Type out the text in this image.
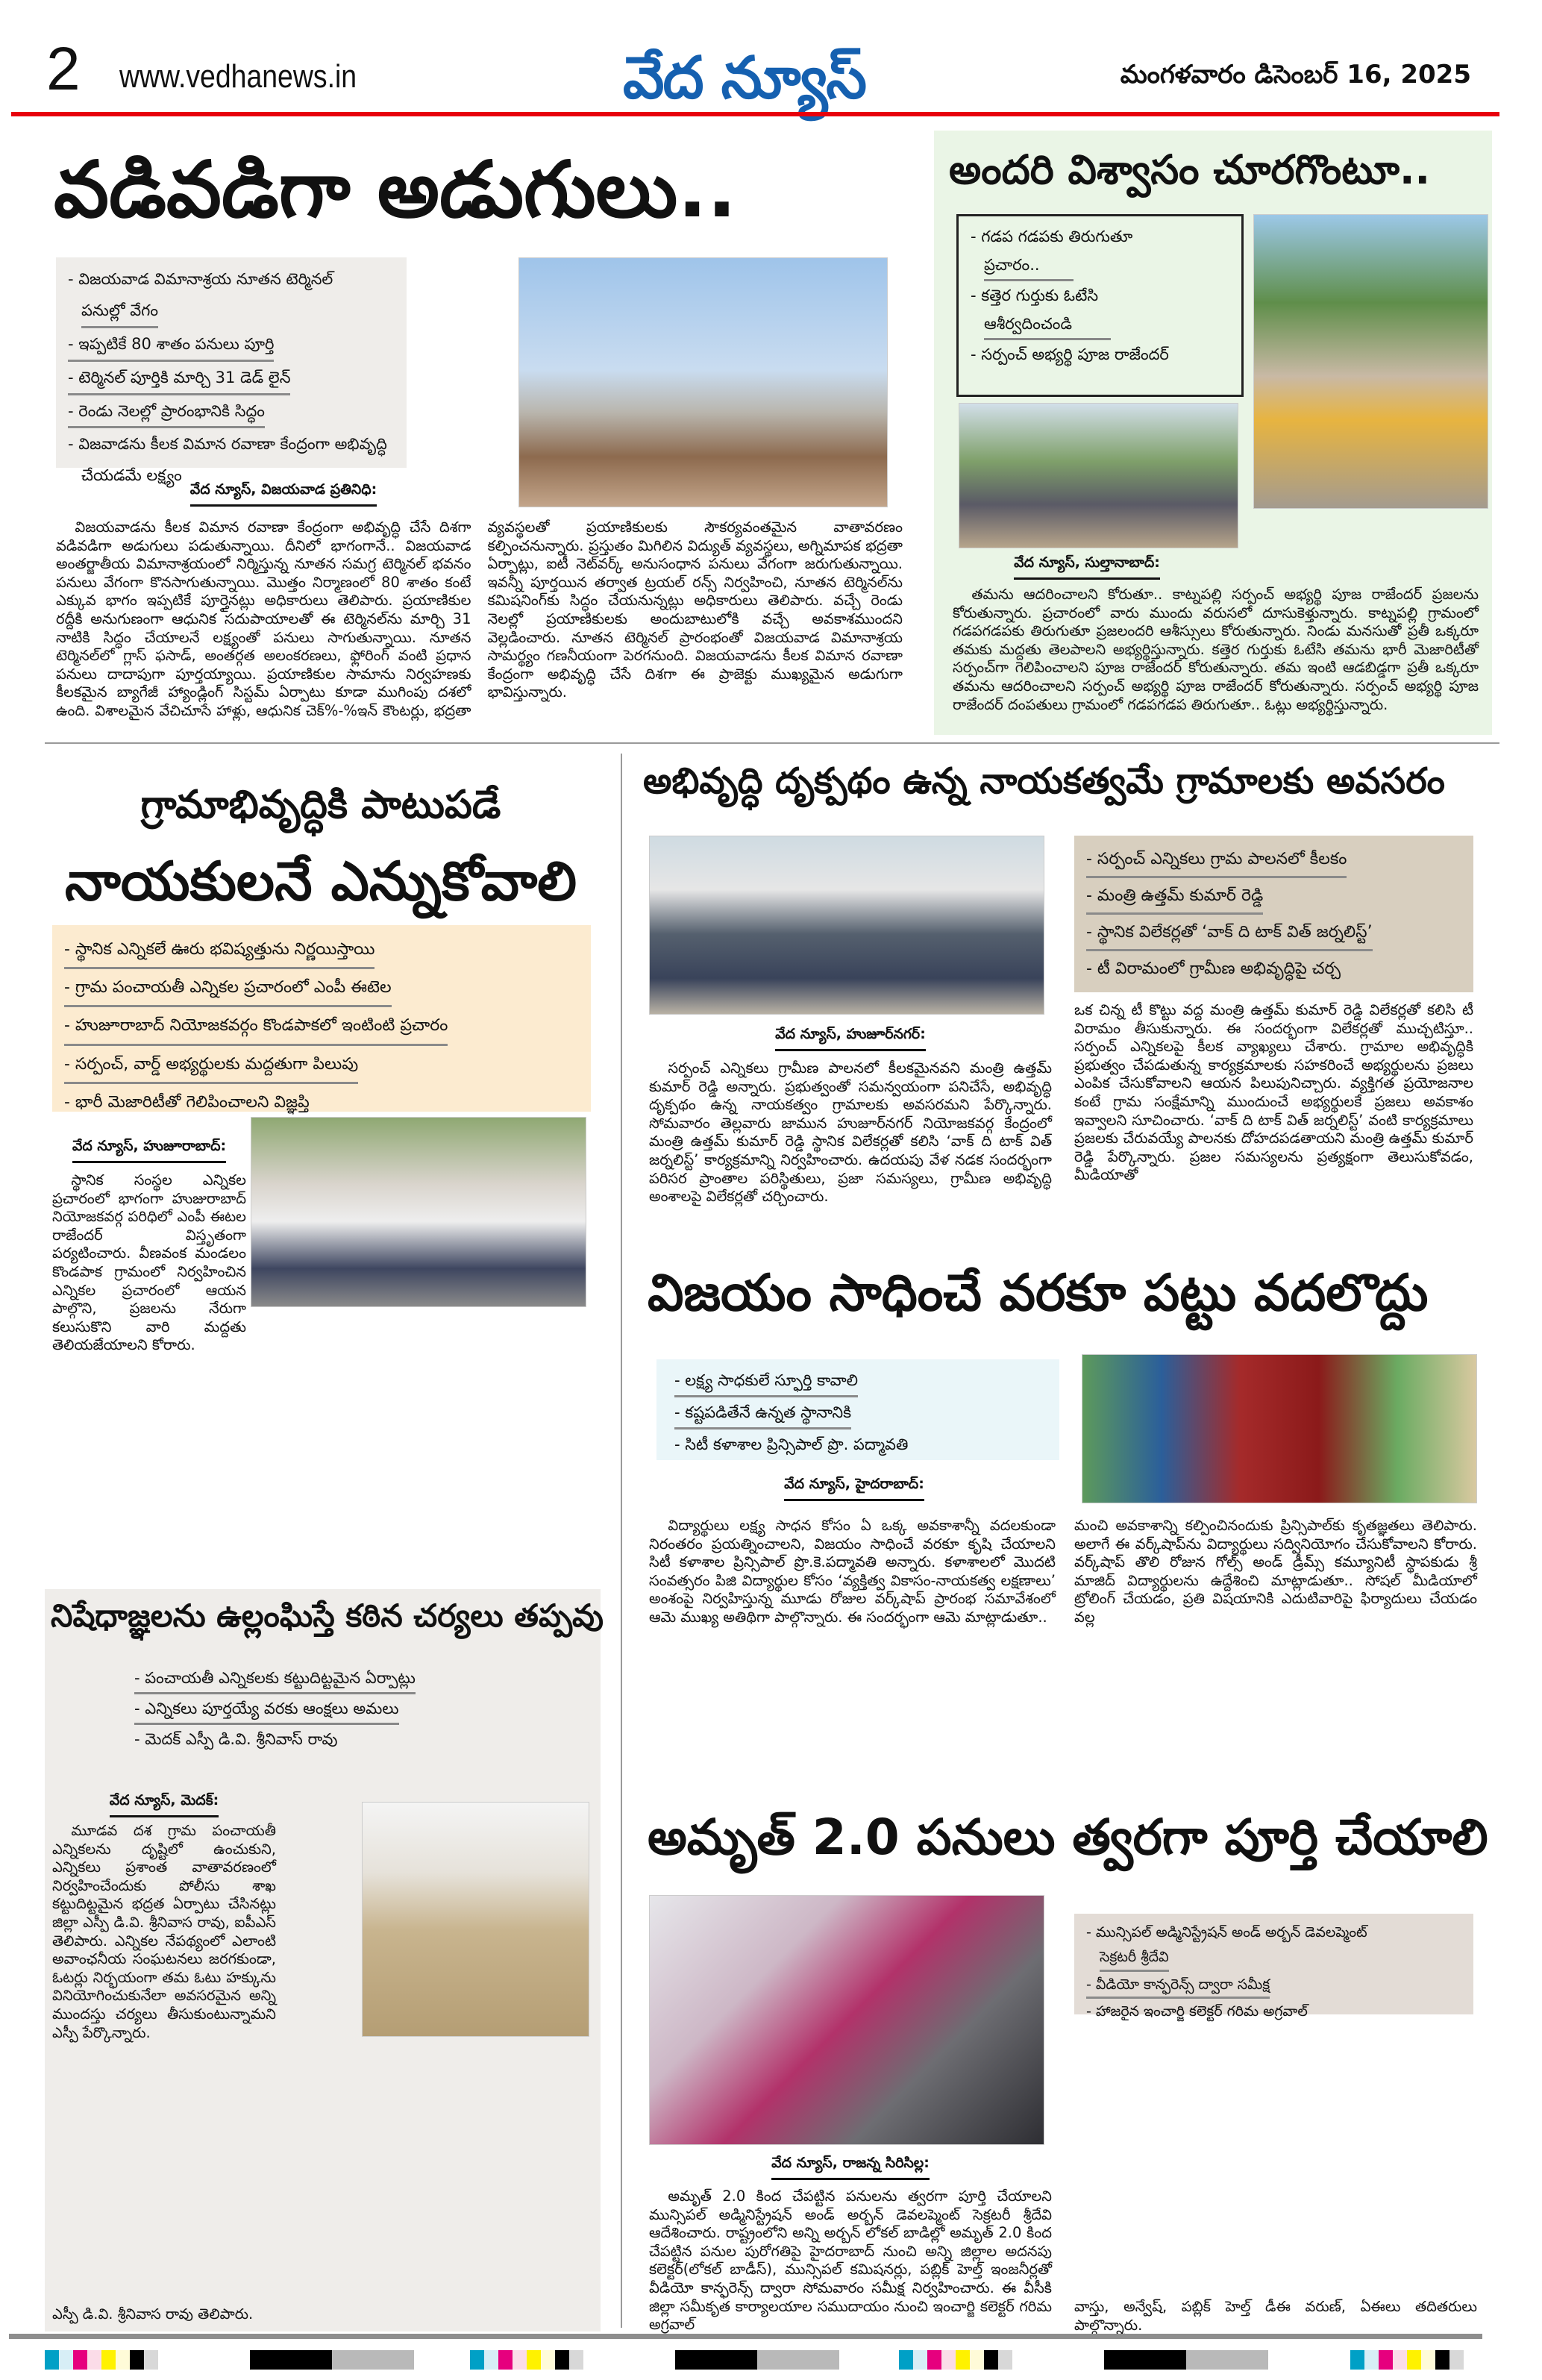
2 www.vedhanews.in	వేద న్యూస్	మంగళవారం డిసెంబర్ 16, 2025
వడివడిగా అడుగులు..
- విజయవాడ విమానాశ్రయ నూతన టెర్మినల్
పనుల్లో వేగం
- ఇప్పటికే 80 శాతం పనులు పూర్తి
- టెర్మినల్ పూర్తికి మార్చి 31 డెడ్ లైన్
- రెండు నెలల్లో ప్రారంభానికి సిద్ధం
- విజవాడను కీలక విమాన రవాణా కేంద్రంగా అభివృద్ధి
చేయడమే లక్ష్యం
వేద న్యూస్, విజయవాడ ప్రతినిధి:

విజయవాడను కీలక విమాన రవాణా కేంద్రంగా అభివృద్ధి చేసే దిశగా వడివడిగా అడుగులు పడుతున్నాయి. దీనిలో భాగంగానే.. విజయవాడ అంతర్జాతీయ విమానాశ్రయంలో నిర్మిస్తున్న నూతన సమగ్ర టెర్మినల్ భవనం పనులు వేగంగా కొనసాగుతున్నాయి. మొత్తం నిర్మాణంలో 80 శాతం కంటే ఎక్కువ భాగం ఇప్పటికే పూర్తైనట్లు అధికారులు తెలిపారు. ప్రయాణికుల రద్దీకి అనుగుణంగా ఆధునిక సదుపాయాలతో ఈ టెర్మినల్‌ను మార్చి 31 నాటికి సిద్ధం చేయాలనే లక్ష్యంతో పనులు సాగుతున్నాయి. నూతన టెర్మినల్‌లో గ్లాస్ ఫసాడ్, అంతర్గత అలంకరణలు, ఫ్లోరింగ్ వంటి ప్రధాన పనులు దాదాపుగా పూర్తయ్యాయి. ప్రయాణికుల సామాను నిర్వహణకు కీలకమైన బ్యాగేజీ హ్యాండ్లింగ్ సిస్టమ్ ఏర్పాటు కూడా ముగింపు దశలో ఉంది. విశాలమైన వేచిచూసే హాళ్లు, ఆధునిక చెక్%-%ఇన్ కౌంటర్లు, భద్రతా వ్యవస్థలతో ప్రయాణికులకు సౌకర్యవంతమైన వాతావరణం కల్పించనున్నారు. ప్రస్తుతం మిగిలిన విద్యుత్ వ్యవస్థలు, అగ్నిమాపక భద్రతా ఏర్పాట్లు, ఐటీ నెట్‌వర్క్ అనుసంధాన పనులు వేగంగా జరుగుతున్నాయి. ఇవన్నీ పూర్తయిన తర్వాత ట్రయల్ రన్స్ నిర్వహించి, నూతన టెర్మినల్‌ను కమిషనింగ్‌కు సిద్ధం చేయనున్నట్లు అధికారులు తెలిపారు. వచ్చే రెండు నెలల్లో ప్రయాణికులకు అందుబాటులోకి వచ్చే అవకాశముందని వెల్లడించారు. నూతన టెర్మినల్ ప్రారంభంతో విజయవాడ విమానాశ్రయ సామర్థ్యం గణనీయంగా పెరగనుంది. విజయవాడను కీలక విమాన రవాణా కేంద్రంగా అభివృద్ధి చేసే దిశగా ఈ ప్రాజెక్టు ముఖ్యమైన అడుగుగా భావిస్తున్నారు.

అందరి విశ్వాసం చూరగొంటూ..
- గడప గడపకు తిరుగుతూ
ప్రచారం..
- కత్తెర గుర్తుకు ఓటేసి
ఆశీర్వదించండి
- సర్పంచ్ అభ్యర్థి పూజ రాజేందర్
వేద న్యూస్, సుల్తానాబాద్:

తమను ఆదరించాలని కోరుతూ.. కాట్నపల్లి సర్పంచ్ అభ్యర్థి పూజ రాజేందర్ ప్రజలను కోరుతున్నారు. ప్రచారంలో వారు ముందు వరుసలో దూసుకెళ్తున్నారు. కాట్నపల్లి గ్రామంలో గడపగడపకు తిరుగుతూ ప్రజలందరి ఆశీస్సులు కోరుతున్నారు. నిండు మనసుతో ప్రతీ ఒక్కరూ తమకు మద్దతు తెలపాలని అభ్యర్థిస్తున్నారు. కత్తెర గుర్తుకు ఓటేసి తమను భారీ మెజారిటీతో సర్పంచ్‌గా గెలిపించాలని పూజ రాజేందర్ కోరుతున్నారు. తమ ఇంటి ఆడబిడ్డగా ప్రతీ ఒక్కరూ తమను ఆదరించాలని సర్పంచ్ అభ్యర్థి పూజ రాజేందర్ కోరుతున్నారు. సర్పంచ్ అభ్యర్థి పూజ రాజేందర్ దంపతులు గ్రామంలో గడపగడప తిరుగుతూ.. ఓట్లు అభ్యర్థిస్తున్నారు.

గ్రామాభివృద్ధికి పాటుపడే
నాయకులనే ఎన్నుకోవాలి
- స్థానిక ఎన్నికలే ఊరు భవిష్యత్తును నిర్ణయిస్తాయి
- గ్రామ పంచాయతీ ఎన్నికల ప్రచారంలో ఎంపీ ఈటెల
- హుజూరాబాద్ నియోజకవర్గం కొండపాకలో ఇంటింటి ప్రచారం
- సర్పంచ్, వార్డ్ అభ్యర్థులకు మద్దతుగా పిలుపు
- భారీ మెజారిటీతో గెలిపించాలని విజ్ఞప్తి
వేద న్యూస్, హుజూరాబాద్:

స్థానిక సంస్థల ఎన్నికల ప్రచారంలో భాగంగా హుజురాబాద్ నియోజకవర్గ పరిధిలో ఎంపీ ఈటల రాజేందర్ విస్తృతంగా పర్యటించారు. వీణవంక మండలం కొండపాక గ్రామంలో నిర్వహించిన ఎన్నికల ప్రచారంలో ఆయన పాల్గొని, ప్రజలను నేరుగా కలుసుకొని వారి మద్దతు తెలియజేయాలని కోరారు.

అభివృద్ధి దృక్పథం ఉన్న నాయకత్వమే గ్రామాలకు అవసరం
- సర్పంచ్ ఎన్నికలు గ్రామ పాలనలో కీలకం
- మంత్రి ఉత్తమ్ కుమార్ రెడ్డి
- స్థానిక విలేకర్లతో ‘వాక్ ది టాక్ విత్ జర్నలిస్ట్’
- టీ విరామంలో గ్రామీణ అభివృద్ధిపై చర్చ
వేద న్యూస్, హుజూర్‌నగర్:

సర్పంచ్ ఎన్నికలు గ్రామీణ పాలనలో కీలకమైనవని మంత్రి ఉత్తమ్ కుమార్ రెడ్డి అన్నారు. ప్రభుత్వంతో సమన్వయంగా పనిచేసే, అభివృద్ధి దృక్పథం ఉన్న నాయకత్వం గ్రామాలకు అవసరమని పేర్కొన్నారు. సోమవారం తెల్లవారు జామున హుజూర్‌నగర్ నియోజకవర్గ కేంద్రంలో మంత్రి ఉత్తమ్ కుమార్ రెడ్డి స్థానిక విలేకర్లతో కలిసి ‘వాక్ ది టాక్ విత్ జర్నలిస్ట్’ కార్యక్రమాన్ని నిర్వహించారు. ఉదయపు వేళ నడక సందర్భంగా పరిసర ప్రాంతాల పరిస్థితులు, ప్రజా సమస్యలు, గ్రామీణ అభివృద్ధి అంశాలపై విలేకర్లతో చర్చించారు.

ఒక చిన్న టీ కొట్టు వద్ద మంత్రి ఉత్తమ్ కుమార్ రెడ్డి విలేకర్లతో కలిసి టీ విరామం తీసుకున్నారు. ఈ సందర్భంగా విలేకర్లతో ముచ్చటిస్తూ.. సర్పంచ్ ఎన్నికలపై కీలక వ్యాఖ్యలు చేశారు. గ్రామాల అభివృద్ధికి ప్రభుత్వం చేపడుతున్న కార్యక్రమాలకు సహకరించే అభ్యర్థులను ప్రజలు ఎంపిక చేసుకోవాలని ఆయన పిలుపునిచ్చారు. వ్యక్తిగత ప్రయోజనాల కంటే గ్రామ సంక్షేమాన్ని ముందుంచే అభ్యర్థులకే ప్రజలు అవకాశం ఇవ్వాలని సూచించారు. ‘వాక్ ది టాక్ విత్ జర్నలిస్ట్’ వంటి కార్యక్రమాలు ప్రజలకు చేరువయ్యే పాలనకు దోహదపడతాయని మంత్రి ఉత్తమ్ కుమార్ రెడ్డి పేర్కొన్నారు. ప్రజల సమస్యలను ప్రత్యక్షంగా తెలుసుకోవడం, మీడియాతో

విజయం సాధించే వరకూ పట్టు వదలొద్దు
- లక్ష్య సాధకులే స్ఫూర్తి కావాలి
- కష్టపడితేనే ఉన్నత స్థానానికి
- సిటీ కళాశాల ప్రిన్సిపాల్ ప్రొ. పద్మావతి
వేద న్యూస్, హైదరాబాద్:

విద్యార్థులు లక్ష్య సాధన కోసం ఏ ఒక్క అవకాశాన్నీ వదలకుండా నిరంతరం ప్రయత్నించాలని, విజయం సాధించే వరకూ కృషి చేయాలని సిటీ కళాశాల ప్రిన్సిపాల్ ప్రొ.కె.పద్మావతి అన్నారు. కళాశాలలో మొదటి సంవత్సరం పిజి విద్యార్థుల కోసం ‘వ్యక్తిత్వ వికాసం-నాయకత్వ లక్షణాలు’ అంశంపై నిర్వహిస్తున్న మూడు రోజుల వర్క్‌షాప్ ప్రారంభ సమావేశంలో ఆమె ముఖ్య అతిథిగా పాల్గొన్నారు. ఈ సందర్భంగా ఆమె మాట్లాడుతూ..

మంచి అవకాశాన్ని కల్పించినందుకు ప్రిన్సిపాల్‌కు కృతజ్ఞతలు తెలిపారు. అలాగే ఈ వర్క్‌షాప్‌ను విద్యార్థులు సద్వినియోగం చేసుకోవాలని కోరారు. వర్క్‌షాప్ తొలి రోజున గోల్స్ అండ్ డ్రీమ్స్ కమ్యూనిటీ స్థాపకుడు శ్రీ మాజిద్ విద్యార్థులను ఉద్దేశించి మాట్లాడుతూ.. సోషల్ మీడియాలో ట్రోలింగ్ చేయడం, ప్రతి విషయానికి ఎదుటివారిపై ఫిర్యాదులు చేయడం వల్ల

నిషేధాజ్ఞలను ఉల్లంఘిస్తే కఠిన చర్యలు తప్పవు
- పంచాయతీ ఎన్నికలకు కట్టుదిట్టమైన ఏర్పాట్లు
- ఎన్నికలు పూర్తయ్యే వరకు ఆంక్షలు అమలు
- మెదక్ ఎస్పీ డి.వి. శ్రీనివాస్ రావు
వేద న్యూస్, మెదక్:

మూడవ దశ గ్రామ పంచాయతీ ఎన్నికలను దృష్టిలో ఉంచుకుని, ఎన్నికలు ప్రశాంత వాతావరణంలో నిర్వహించేందుకు పోలీసు శాఖ కట్టుదిట్టమైన భద్రత ఏర్పాటు చేసినట్లు జిల్లా ఎస్పీ డి.వి. శ్రీనివాస రావు, ఐపీఎస్ తెలిపారు. ఎన్నికల నేపథ్యంలో ఎలాంటి అవాంఛనీయ సంఘటనలు జరగకుండా, ఓటర్లు నిర్భయంగా తమ ఓటు హక్కును వినియోగించుకునేలా అవసరమైన అన్ని ముందస్తు చర్యలు తీసుకుంటున్నామని ఎస్పీ పేర్కొన్నారు.

ఎస్పీ డి.వి. శ్రీనివాస రావు తెలిపారు.

అమృత్ 2.0 పనులు త్వరగా పూర్తి చేయాలి
- మున్సిపల్ అడ్మినిస్ట్రేషన్ అండ్ అర్బన్ డెవలప్మెంట్
సెక్రటరీ శ్రీదేవి
- వీడియో కాన్ఫరెన్స్ ద్వారా సమీక్ష
- హాజరైన ఇంచార్జి కలెక్టర్ గరిమ అగ్రవాల్
వేద న్యూస్, రాజన్న సిరిసిల్ల:

అమృత్ 2.0 కింద చేపట్టిన పనులను త్వరగా పూర్తి చేయాలని మున్సిపల్ అడ్మినిస్ట్రేషన్ అండ్ అర్బన్ డెవలప్మెంట్ సెక్రటరీ శ్రీదేవి ఆదేశించారు. రాష్ట్రంలోని అన్ని అర్బన్ లోకల్ బాడిల్లో అమృత్ 2.0 కింద చేపట్టిన పనుల పురోగతిపై హైదరాబాద్ నుంచి అన్ని జిల్లాల అదనపు కలెక్టర్(లోకల్ బాడీస్), మున్సిపల్ కమిషనర్లు, పబ్లిక్ హెల్త్ ఇంజనీర్లతో వీడియో కాన్ఫరెన్స్ ద్వారా సోమవారం సమీక్ష నిర్వహించారు. ఈ వీసీకి జిల్లా సమీకృత కార్యాలయాల సముదాయం నుంచి ఇంచార్జి కలెక్టర్ గరిమ అగ్రవాల్

వాస్తు, అన్వేష్, పబ్లిక్ హెల్త్ డీఈ వరుణ్, ఏఈలు తదితరులు పాల్గొన్నారు.
